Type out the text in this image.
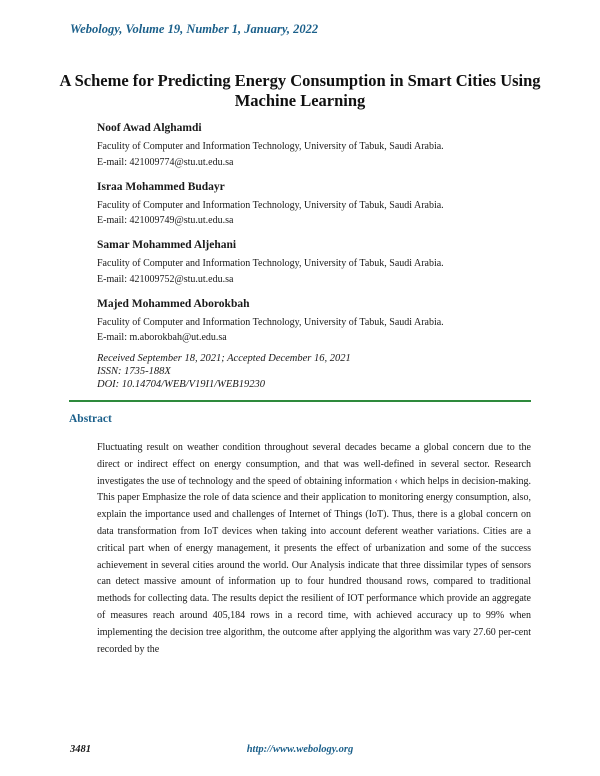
Webology, Volume 19, Number 1, January, 2022
A Scheme for Predicting Energy Consumption in Smart Cities Using
Machine Learning
Noof Awad Alghamdi
Faculity of Computer and Information Technology, University of Tabuk, Saudi Arabia.
E-mail: 421009774@stu.ut.edu.sa
Israa Mohammed Budayr
Faculity of Computer and Information Technology, University of Tabuk, Saudi Arabia.
E-mail: 421009749@stu.ut.edu.sa
Samar Mohammed Aljehani
Faculity of Computer and Information Technology, University of Tabuk, Saudi Arabia.
E-mail: 421009752@stu.ut.edu.sa
Majed Mohammed Aborokbah
Faculity of Computer and Information Technology, University of Tabuk, Saudi Arabia.
E-mail: m.aborokbah@ut.edu.sa
Received September 18, 2021; Accepted December 16, 2021
ISSN: 1735-188X
DOI: 10.14704/WEB/V19I1/WEB19230
Abstract
Fluctuating result on weather condition throughout several decades became a global concern due to the direct or indirect effect on energy consumption, and that was well-defined in several sector. Research investigates the use of technology and the speed of obtaining information ‹ which helps in decision-making. This paper Emphasize the role of data science and their application to monitoring energy consumption, also, explain the importance used and challenges of Internet of Things (IoT). Thus, there is a global concern on data transformation from IoT devices when taking into account deferent weather variations. Cities are a critical part when of energy management, it presents the effect of urbanization and some of the success achievement in several cities around the world. Our Analysis indicate that three dissimilar types of sensors can detect massive amount of information up to four hundred thousand rows, compared to traditional methods for collecting data. The results depict the resilient of IOT performance which provide an aggregate of measures reach around 405,184 rows in a record time, with achieved accuracy up to 99% when implementing the decision tree algorithm, the outcome after applying the algorithm was vary 27.60 per-cent recorded by the
3481	http://www.webology.org
